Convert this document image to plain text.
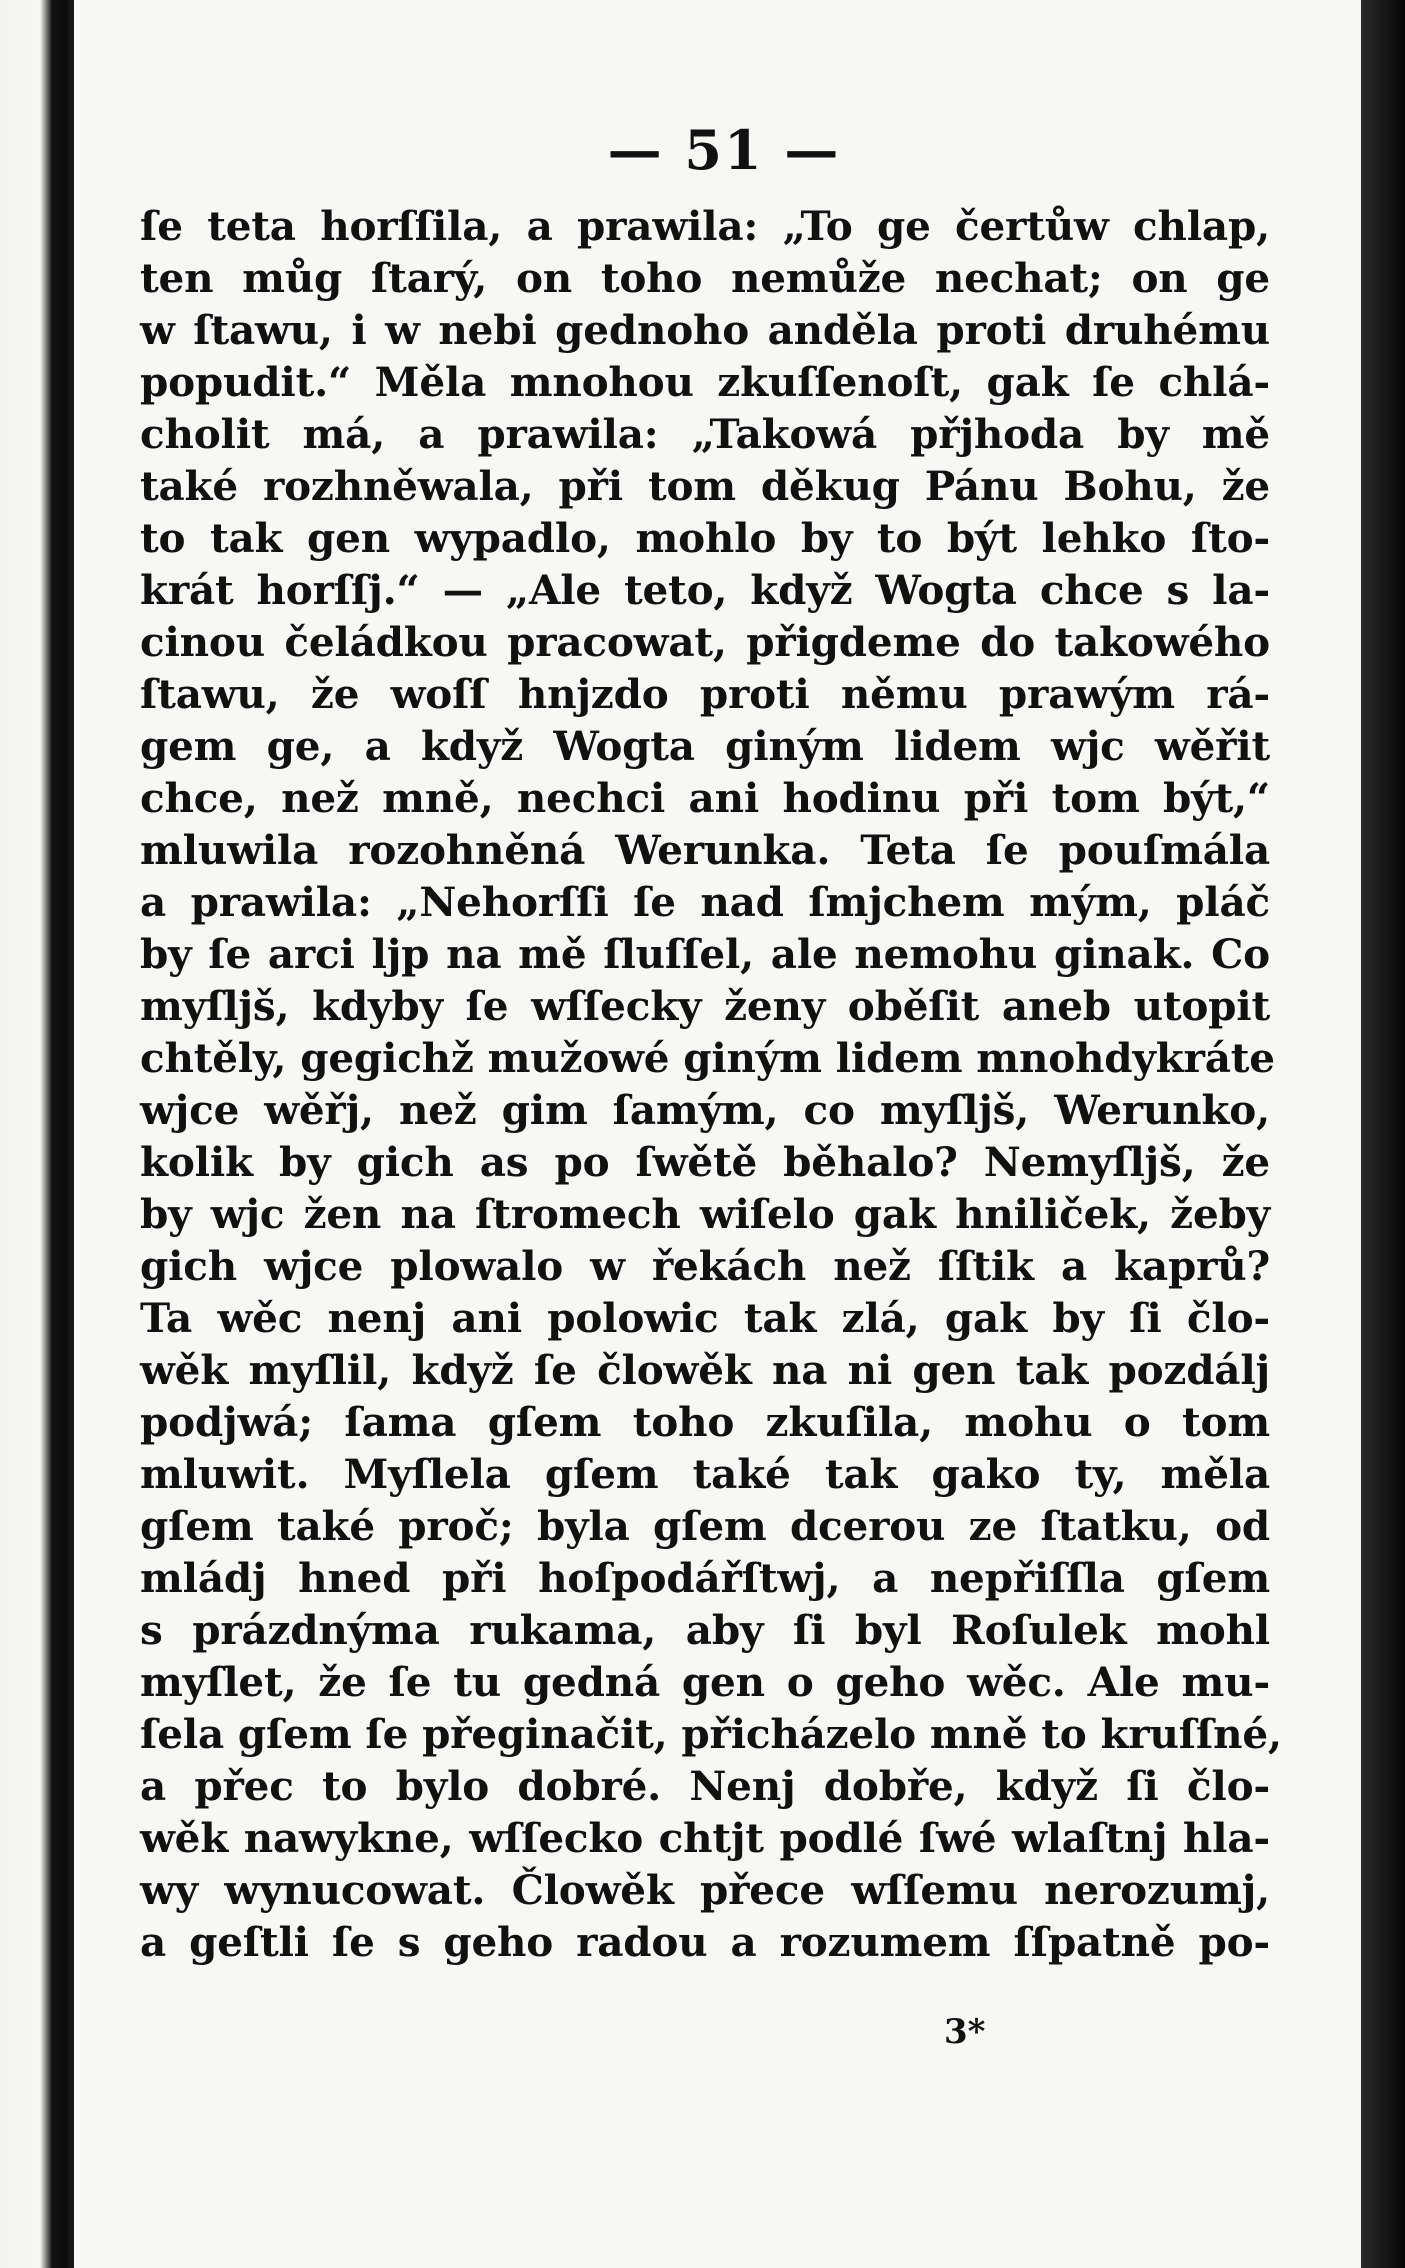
— 51 —
ſe teta horſſila, a prawila: „To ge čertůw chlap,
ten můg ſtarý, on toho nemůže nechat; on ge
w ſtawu, i w nebi gednoho anděla proti druhému
popudit.“ Měla mnohou zkuſſenoſt, gak ſe chlá-
cholit má, a prawila: „Takowá přjhoda by mě
také rozhněwala, při tom děkug Pánu Bohu, že
to tak gen wypadlo, mohlo by to být lehko ſto-
krát horſſj.“ — „Ale teto, když Wogta chce s la-
cinou čeládkou pracowat, přigdeme do takowého
ſtawu, že woſſ hnjzdo proti němu prawým rá-
gem ge, a když Wogta giným lidem wjc wěřit
chce, než mně, nechci ani hodinu při tom být,“
mluwila rozohněná Werunka. Teta ſe pouſmála
a prawila: „Nehorſſi ſe nad ſmjchem mým, pláč
by ſe arci ljp na mě ſluſſel, ale nemohu ginak. Co
myſljš, kdyby ſe wſſecky ženy oběſit aneb utopit
chtěly, gegichž mužowé giným lidem mnohdykráte
wjce wěřj, než gim ſamým, co myſljš, Werunko,
kolik by gich as po ſwětě běhalo? Nemyſljš, že
by wjc žen na ſtromech wiſelo gak hniliček, žeby
gich wjce plowalo w řekách než ſſtik a kaprů?
Ta wěc nenj ani polowic tak zlá, gak by ſi člo-
wěk myſlil, když ſe člowěk na ni gen tak pozdálj
podjwá; ſama gſem toho zkuſila, mohu o tom
mluwit. Myſlela gſem také tak gako ty, měla
gſem také proč; byla gſem dcerou ze ſtatku, od
mládj hned při hoſpodářſtwj, a nepřiſſla gſem
s prázdnýma rukama, aby ſi byl Roſulek mohl
myſlet, že ſe tu gedná gen o geho wěc. Ale mu-
ſela gſem ſe přeginačit, přicházelo mně to kruſſné,
a přec to bylo dobré. Nenj dobře, když ſi člo-
wěk nawykne, wſſecko chtjt podlé ſwé wlaſtnj hla-
wy wynucowat. Člowěk přece wſſemu nerozumj,
a geſtli ſe s geho radou a rozumem ſſpatně po-
3*
